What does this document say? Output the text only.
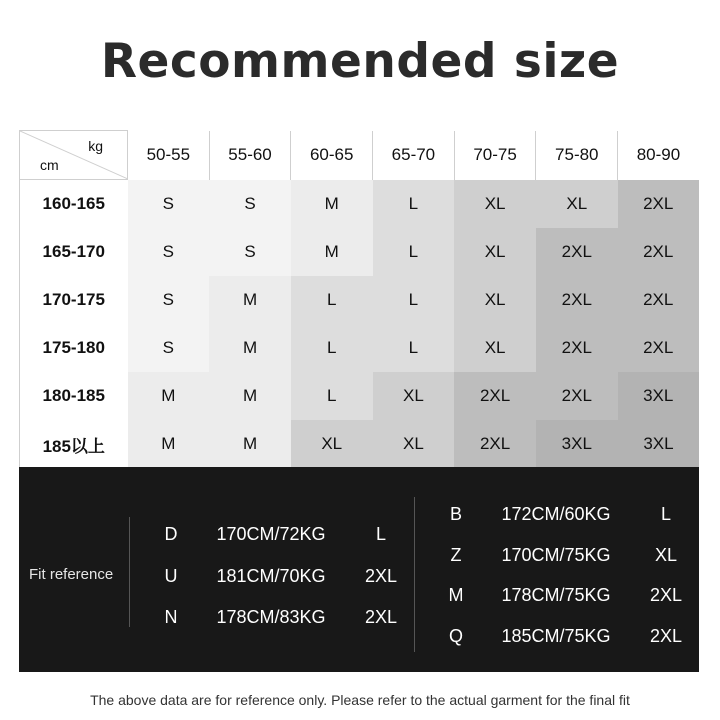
Recommended size
kg
cm	50-55	55-60	60-65	65-70	70-75	75-80	80-90
160-165	S	S	M	L	XL	XL	2XL
165-170	S	S	M	L	XL	2XL	2XL
170-175	S	M	L	L	XL	2XL	2XL
175-180	S	M	L	L	XL	2XL	2XL
180-185	M	M	L	XL	2XL	2XL	3XL
185以上	M	M	XL	XL	2XL	3XL	3XL
Fit reference
D	170CM/72KG	L
U	181CM/70KG	2XL
N	178CM/83KG	2XL
B	172CM/60KG	L
Z	170CM/75KG	XL
M	178CM/75KG	2XL
Q	185CM/75KG	2XL
The above data are for reference only. Please refer to the actual garment for the final fit
